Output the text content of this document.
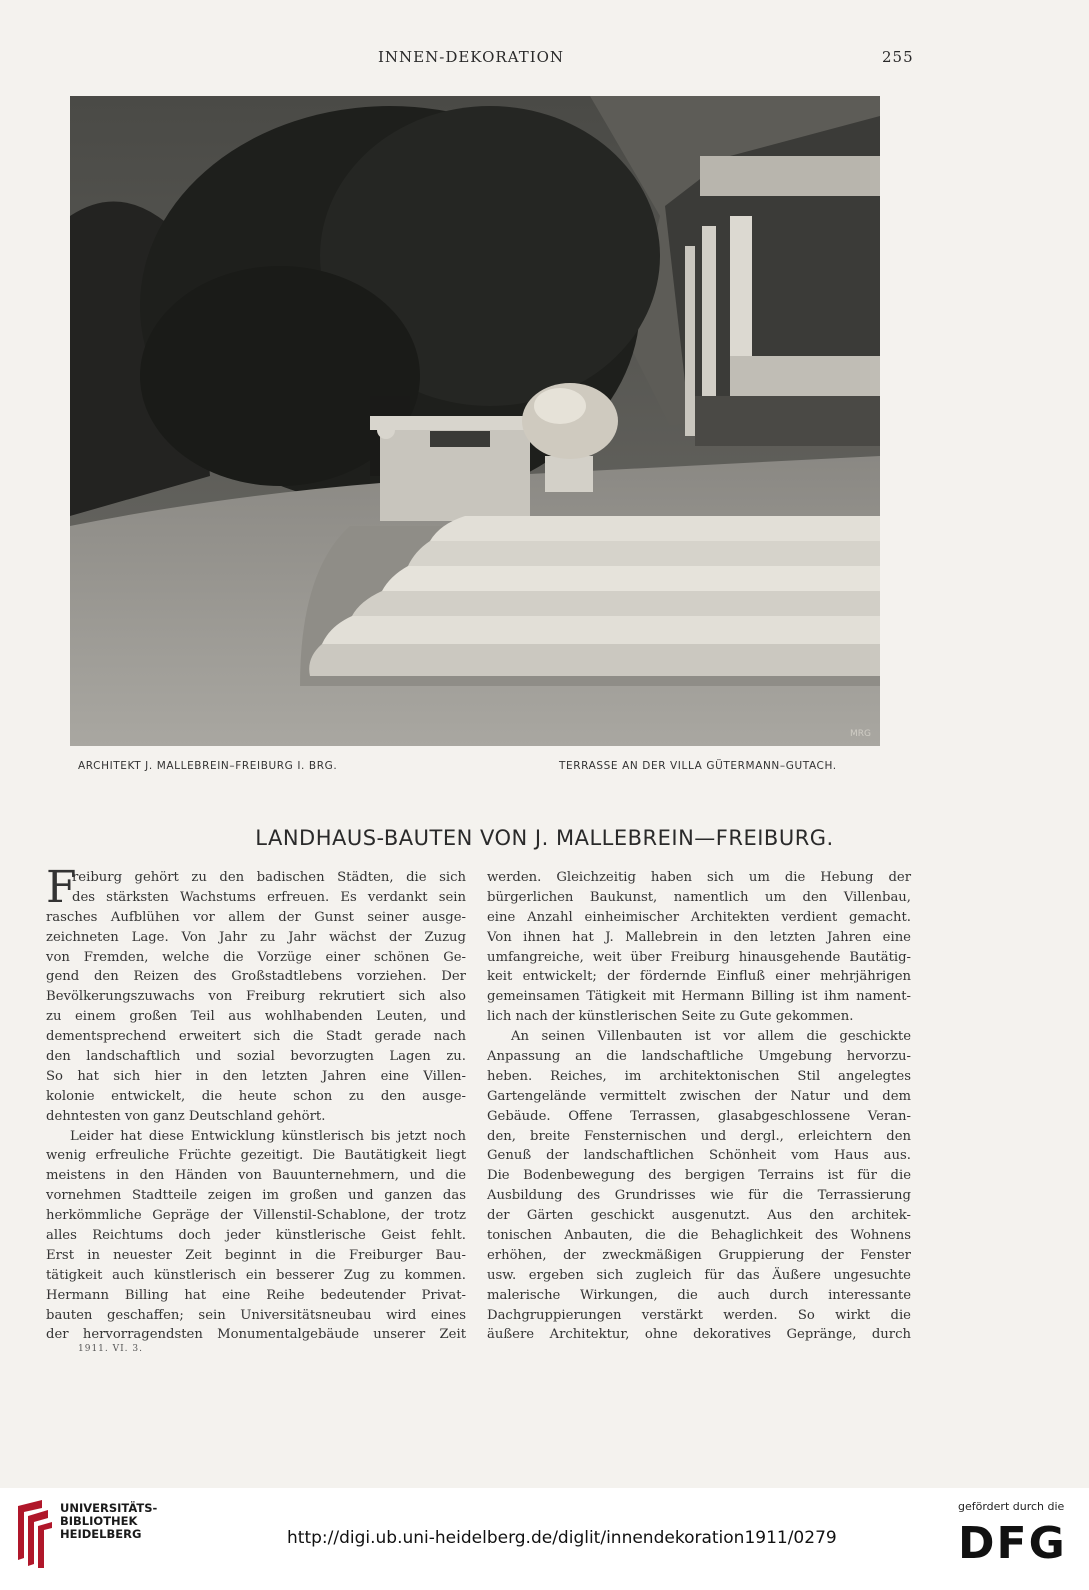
INNEN-DEKORATION	255
MRG
ARCHITEKT J. MALLEBREIN–FREIBURG I. BRG.	TERRASSE AN DER VILLA GÜTERMANN–GUTACH.
LANDHAUS-BAUTEN VON J. MALLEBREIN—FREIBURG.
F
reiburg gehört zu den badischen Städten, die sich
des stärksten Wachstums erfreuen. Es verdankt sein
rasches Aufblühen vor allem der Gunst seiner ausge-
zeichneten Lage. Von Jahr zu Jahr wächst der Zuzug
von Fremden, welche die Vorzüge einer schönen Ge-
gend den Reizen des Großstadtlebens vorziehen. Der
Bevölkerungszuwachs von Freiburg rekrutiert sich also
zu einem großen Teil aus wohlhabenden Leuten, und
dementsprechend erweitert sich die Stadt gerade nach
den landschaftlich und sozial bevorzugten Lagen zu.
So hat sich hier in den letzten Jahren eine Villen-
kolonie entwickelt, die heute schon zu den ausge-
dehntesten von ganz Deutschland gehört.
Leider hat diese Entwicklung künstlerisch bis jetzt noch
wenig erfreuliche Früchte gezeitigt. Die Bautätigkeit liegt
meistens in den Händen von Bauunternehmern, und die
vornehmen Stadtteile zeigen im großen und ganzen das
herkömmliche Gepräge der Villenstil-Schablone, der trotz
alles Reichtums doch jeder künstlerische Geist fehlt.
Erst in neuester Zeit beginnt in die Freiburger Bau-
tätigkeit auch künstlerisch ein besserer Zug zu kommen.
Hermann Billing hat eine Reihe bedeutender Privat-
bauten geschaffen; sein Universitätsneubau wird eines
der hervorragendsten Monumentalgebäude unserer Zeit
werden. Gleichzeitig haben sich um die Hebung der
bürgerlichen Baukunst, namentlich um den Villenbau,
eine Anzahl einheimischer Architekten verdient gemacht.
Von ihnen hat J. Mallebrein in den letzten Jahren eine
umfangreiche, weit über Freiburg hinausgehende Bautätig-
keit entwickelt; der fördernde Einfluß einer mehrjährigen
gemeinsamen Tätigkeit mit Hermann Billing ist ihm nament-
lich nach der künstlerischen Seite zu Gute gekommen.
An seinen Villenbauten ist vor allem die geschickte
Anpassung an die landschaftliche Umgebung hervorzu-
heben. Reiches, im architektonischen Stil angelegtes
Gartengelände vermittelt zwischen der Natur und dem
Gebäude. Offene Terrassen, glasabgeschlossene Veran-
den, breite Fensternischen und dergl., erleichtern den
Genuß der landschaftlichen Schönheit vom Haus aus.
Die Bodenbewegung des bergigen Terrains ist für die
Ausbildung des Grundrisses wie für die Terrassierung
der Gärten geschickt ausgenutzt. Aus den architek-
tonischen Anbauten, die die Behaglichkeit des Wohnens
erhöhen, der zweckmäßigen Gruppierung der Fenster
usw. ergeben sich zugleich für das Äußere ungesuchte
malerische Wirkungen, die auch durch interessante
Dachgruppierungen verstärkt werden. So wirkt die
äußere Architektur, ohne dekoratives Gepränge, durch
1911. VI. 3.
UNIVERSITÄTS-
BIBLIOTHEK
HEIDELBERG	http://digi.ub.uni-heidelberg.de/diglit/innendekoration1911/0279
gefördert durch die
DFG
